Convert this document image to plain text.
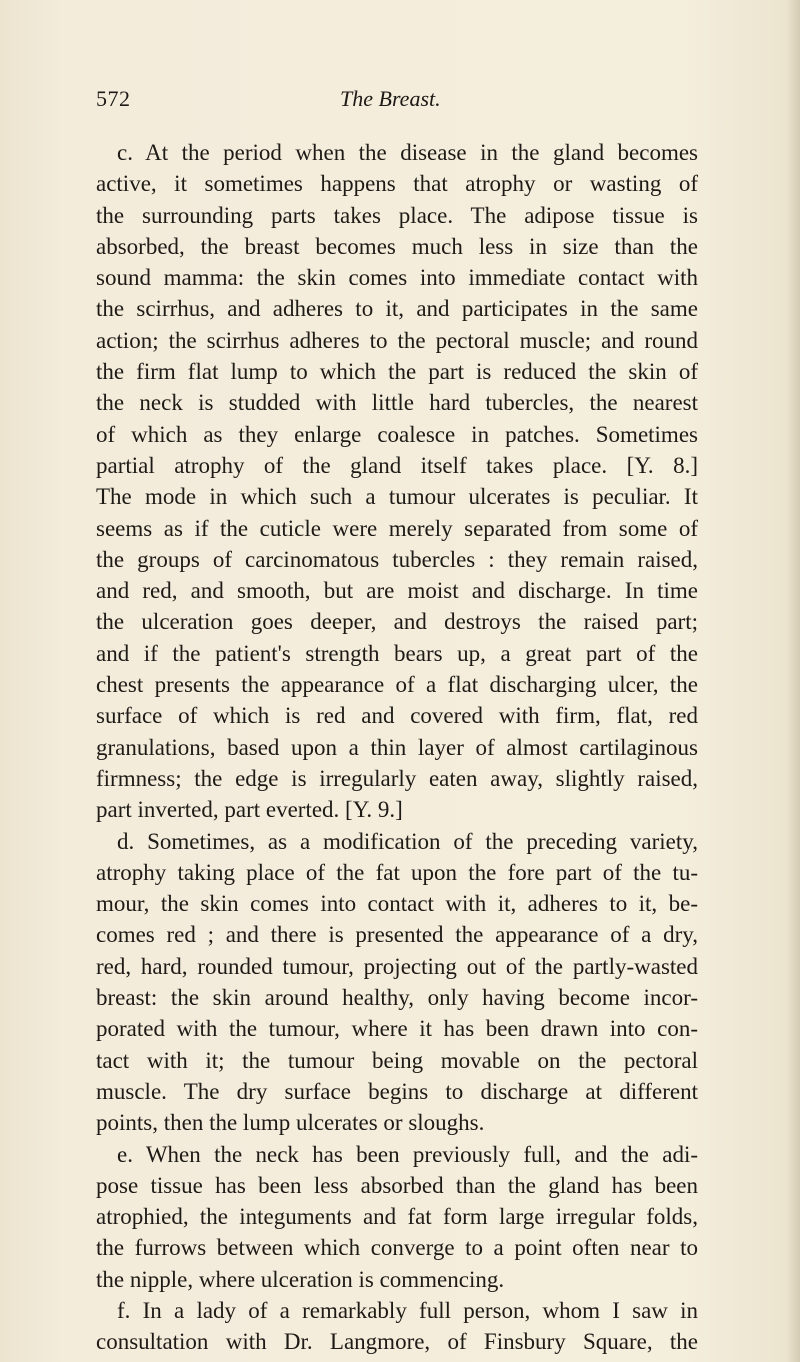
572	The Breast.
c. At the period when the disease in the gland becomes
active, it sometimes happens that atrophy or wasting of
the surrounding parts takes place. The adipose tissue is
absorbed, the breast becomes much less in size than the
sound mamma: the skin comes into immediate contact with
the scirrhus, and adheres to it, and participates in the same
action; the scirrhus adheres to the pectoral muscle; and round
the firm flat lump to which the part is reduced the skin of
the neck is studded with little hard tubercles, the nearest
of which as they enlarge coalesce in patches. Sometimes
partial atrophy of the gland itself takes place. [Y. 8.]
The mode in which such a tumour ulcerates is peculiar. It
seems as if the cuticle were merely separated from some of
the groups of carcinomatous tubercles : they remain raised,
and red, and smooth, but are moist and discharge. In time
the ulceration goes deeper, and destroys the raised part;
and if the patient's strength bears up, a great part of the
chest presents the appearance of a flat discharging ulcer, the
surface of which is red and covered with firm, flat, red
granulations, based upon a thin layer of almost cartilaginous
firmness; the edge is irregularly eaten away, slightly raised,
part inverted, part everted. [Y. 9.]
d. Sometimes, as a modification of the preceding variety,
atrophy taking place of the fat upon the fore part of the tu-
mour, the skin comes into contact with it, adheres to it, be-
comes red ; and there is presented the appearance of a dry,
red, hard, rounded tumour, projecting out of the partly-wasted
breast: the skin around healthy, only having become incor-
porated with the tumour, where it has been drawn into con-
tact with it; the tumour being movable on the pectoral
muscle. The dry surface begins to discharge at different
points, then the lump ulcerates or sloughs.
e. When the neck has been previously full, and the adi-
pose tissue has been less absorbed than the gland has been
atrophied, the integuments and fat form large irregular folds,
the furrows between which converge to a point often near to
the nipple, where ulceration is commencing.
f. In a lady of a remarkably full person, whom I saw in
consultation with Dr. Langmore, of Finsbury Square, the
